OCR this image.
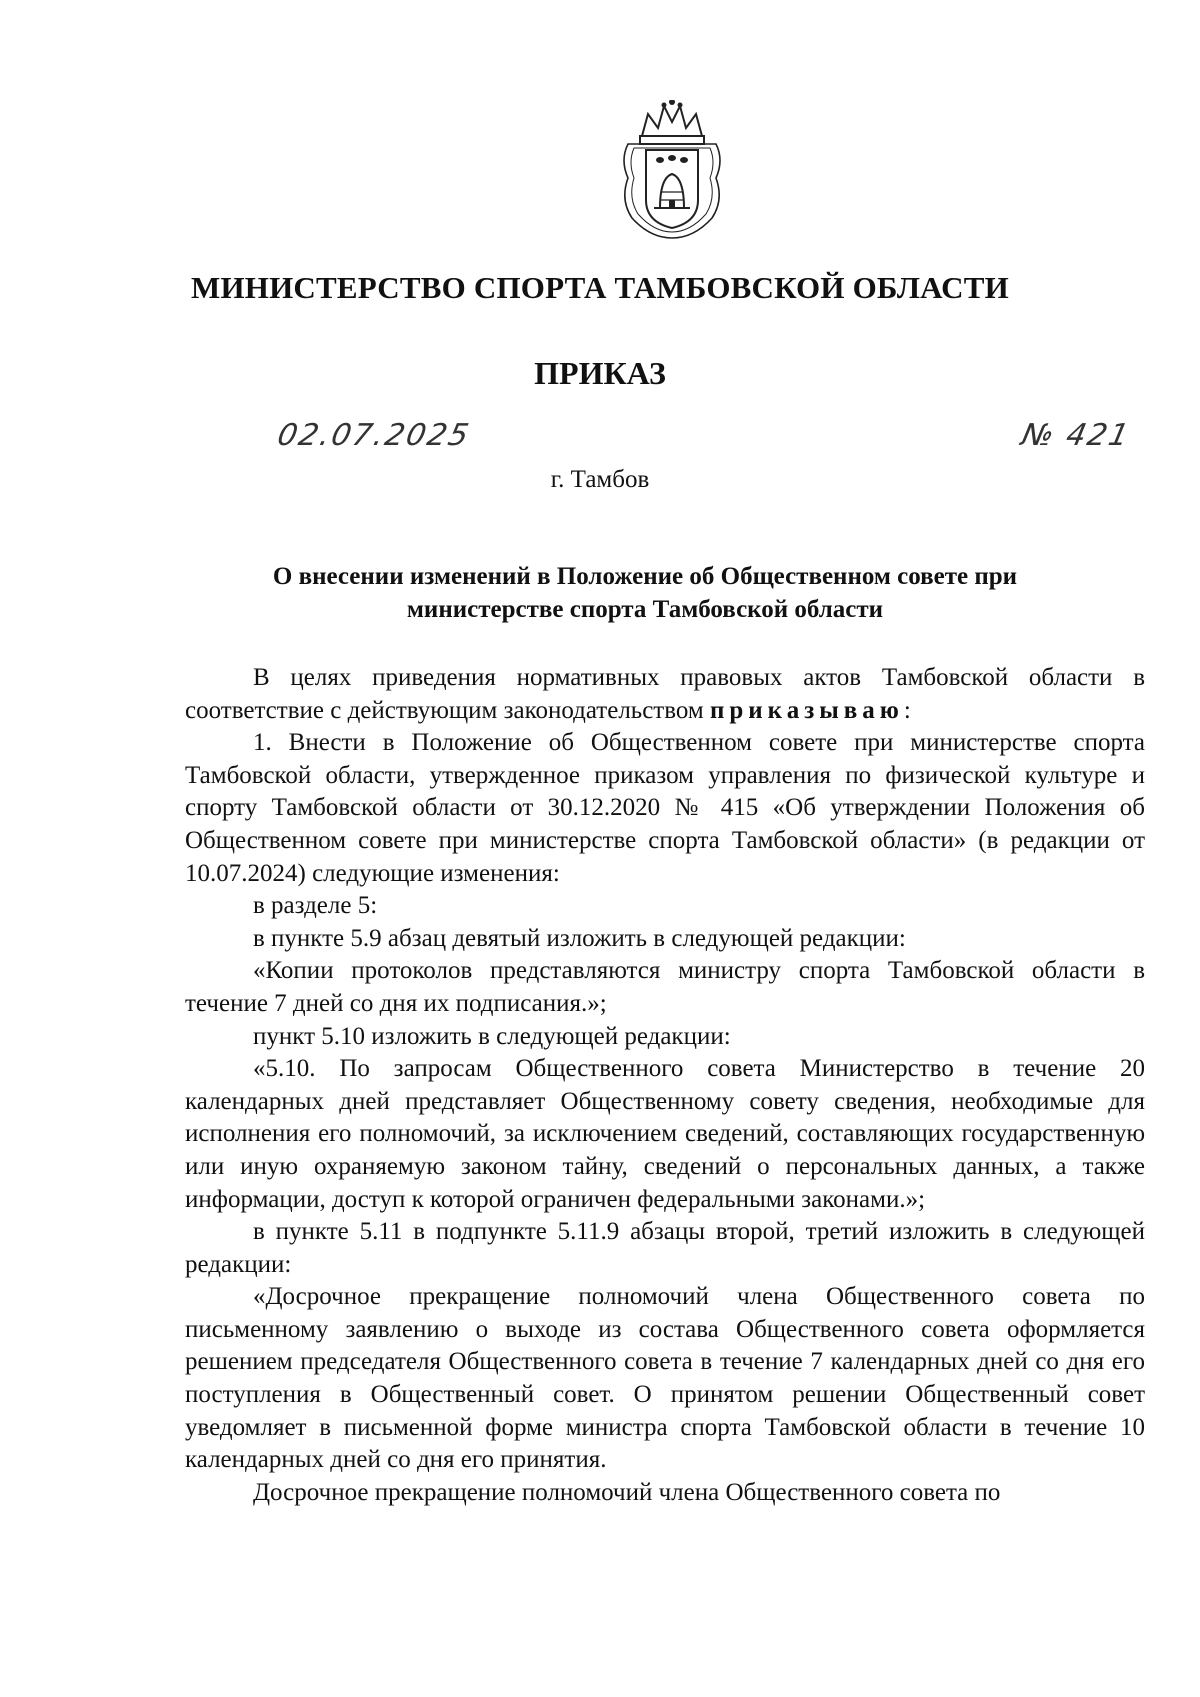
МИНИСТЕРСТВО СПОРТА ТАМБОВСКОЙ ОБЛАСТИ
ПРИКАЗ
02.07.2025	№ 421
г. Тамбов
О внесении изменений в Положение об Общественном совете при
министерстве спорта Тамбовской области

В целях приведения нормативных правовых актов Тамбовской области в соответствие с действующим законодательством приказываю:

1. Внести в Положение об Общественном совете при министерстве спорта Тамбовской области, утвержденное приказом управления по физической культуре и спорту Тамбовской области от 30.12.2020 № 415 «Об утверждении Положения об Общественном совете при министерстве спорта Тамбовской области» (в редакции от 10.07.2024) следующие изменения:

в разделе 5:

в пункте 5.9 абзац девятый изложить в следующей редакции:

«Копии протоколов представляются министру спорта Тамбовской области в течение 7 дней со дня их подписания.»;

пункт 5.10 изложить в следующей редакции:

«5.10. По запросам Общественного совета Министерство в течение 20 календарных дней представляет Общественному совету сведения, необходимые для исполнения его полномочий, за исключением сведений, составляющих государственную или иную охраняемую законом тайну, сведений о персональных данных, а также информации, доступ к которой ограничен федеральными законами.»;

в пункте 5.11 в подпункте 5.11.9 абзацы второй, третий изложить в следующей редакции:

«Досрочное прекращение полномочий члена Общественного совета по письменному заявлению о выходе из состава Общественного совета оформляется решением председателя Общественного совета в течение 7 календарных дней со дня его поступления в Общественный совет. О принятом решении Общественный совет уведомляет в письменной форме министра спорта Тамбовской области в течение 10 календарных дней со дня его принятия.

Досрочное прекращение полномочий члена Общественного совета по
